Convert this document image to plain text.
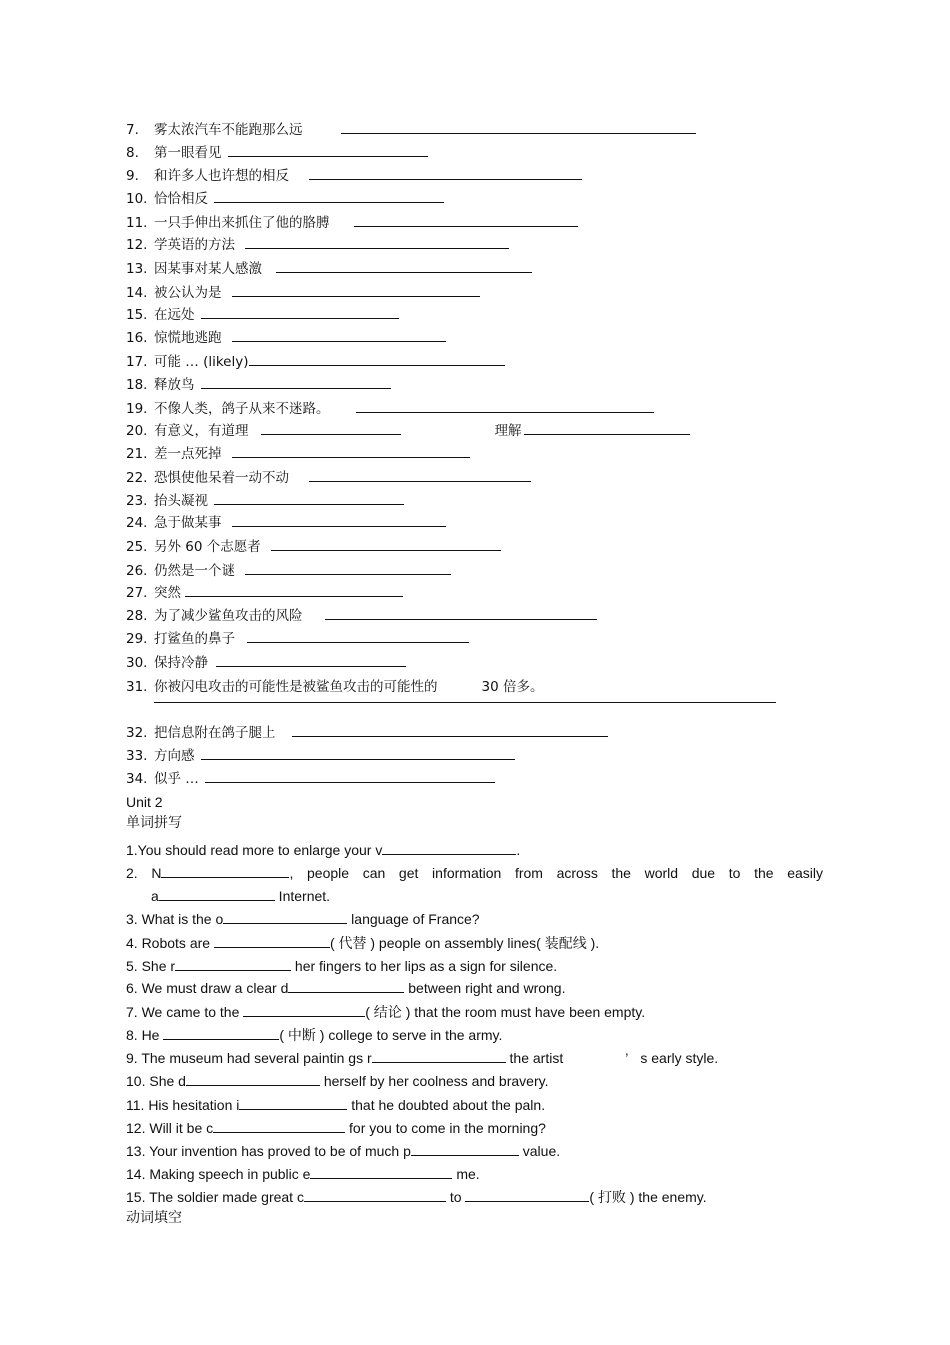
7. 雾太浓汽车不能跑那么远
8. 第一眼看见
9. 和许多人也许想的相反
10. 恰恰相反
11. 一只手伸出来抓住了他的胳膊
12. 学英语的方法
13. 因某事对某人感激
14. 被公认为是
15. 在远处
16. 惊慌地逃跑
17. 可能 … (likely)
18. 释放鸟
19. 不像人类，鸽子从来不迷路。
20. 有意义，有道理	理解
21. 差一点死掉
22. 恐惧使他呆着一动不动
23. 抬头凝视
24. 急于做某事
25. 另外 60 个志愿者
26. 仍然是一个谜
27. 突然
28. 为了减少鲨鱼攻击的风险
29. 打鲨鱼的鼻子
30. 保持冷静
31. 你被闪电攻击的可能性是被鲨鱼攻击的可能性的	30 倍多。
32. 把信息附在鸽子腿上
33. 方向感
34. 似乎 …
Unit 2
单词拼写
1.You should read more to enlarge your v	.
2. N	, people can get information from across the world due to the easily
a	Internet.
3. What is the o	language of France?
4. Robots are	( 代替 ) people on assembly lines( 装配线 ).
5. She r	her fingers to her lips as a sign for silence.
6. We must draw a clear d	between right and wrong.
7. We came to the	( 结论 ) that the room must have been empty.
8. He	( 中断 ) college to serve in the army.
9. The museum had several paintin gs r	the artist	’ s early style.
10. She d	herself by her coolness and bravery.
11. His hesitation i	that he doubted about the paln.
12. Will it be c	for you to come in the morning?
13. Your invention has proved to be of much p	value.
14. Making speech in public e	me.
15. The soldier made great c	to	( 打败 ) the enemy.
动词填空
